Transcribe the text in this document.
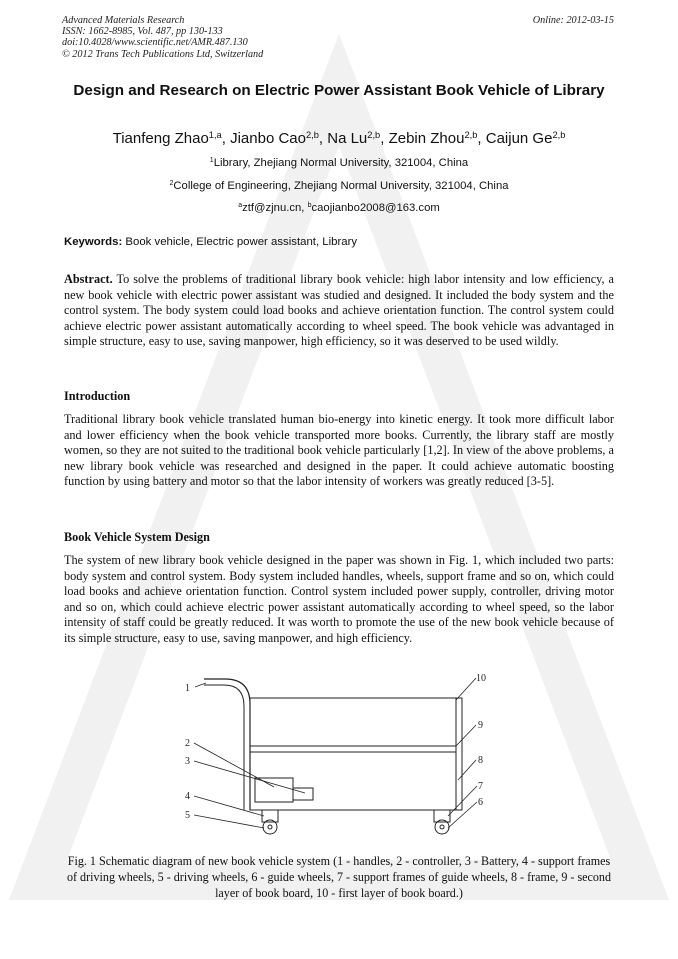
Advanced Materials Research
ISSN: 1662-8985, Vol. 487, pp 130-133
doi:10.4028/www.scientific.net/AMR.487.130
© 2012 Trans Tech Publications Ltd, Switzerland
Online: 2012-03-15
Design and Research on Electric Power Assistant Book Vehicle of Library
Tianfeng Zhao$^{1,a}$, Jianbo Cao$^{2,b}$, Na Lu$^{2,b}$, Zebin Zhou$^{2,b}$, Caijun Ge$^{2,b}$
$^1$Library, Zhejiang Normal University, 321004, China
$^2$College of Engineering, Zhejiang Normal University, 321004, China
$^a$ztf@zjnu.cn, $^b$caojianbo2008@163.com
Keywords: Book vehicle, Electric power assistant, Library
Abstract. To solve the problems of traditional library book vehicle: high labor intensity and low efficiency, a new book vehicle with electric power assistant was studied and designed. It included the body system and the control system. The body system could load books and achieve orientation function. The control system could achieve electric power assistant automatically according to wheel speed. The book vehicle was advantaged in simple structure, easy to use, saving manpower, high efficiency, so it was deserved to be used wildly.
Introduction
Traditional library book vehicle translated human bio-energy into kinetic energy. It took more difficult labor and lower efficiency when the book vehicle transported more books. Currently, the library staff are mostly women, so they are not suited to the traditional book vehicle particularly [1,2]. In view of the above problems, a new library book vehicle was researched and designed in the paper. It could achieve automatic boosting function by using battery and motor so that the labor intensity of workers was greatly reduced [3-5].
Book Vehicle System Design
The system of new library book vehicle designed in the paper was shown in Fig. 1, which included two parts: body system and control system. Body system included handles, wheels, support frame and so on, which could load books and achieve orientation function. Control system included power supply, controller, driving motor and so on, which could achieve electric power assistant automatically according to wheel speed, so the labor intensity of staff could be greatly reduced. It was worth to promote the use of the new book vehicle because of its simple structure, easy to use, saving manpower, and high efficiency.
1
2
3
4
5
6
7
8
9
10
Fig. 1 Schematic diagram of new book vehicle system (1 - handles, 2 - controller, 3 - Battery, 4 - support frames of driving wheels, 5 - driving wheels, 6 - guide wheels, 7 - support frames of guide wheels, 8 - frame, 9 - second layer of book board, 10 - first layer of book board.)
